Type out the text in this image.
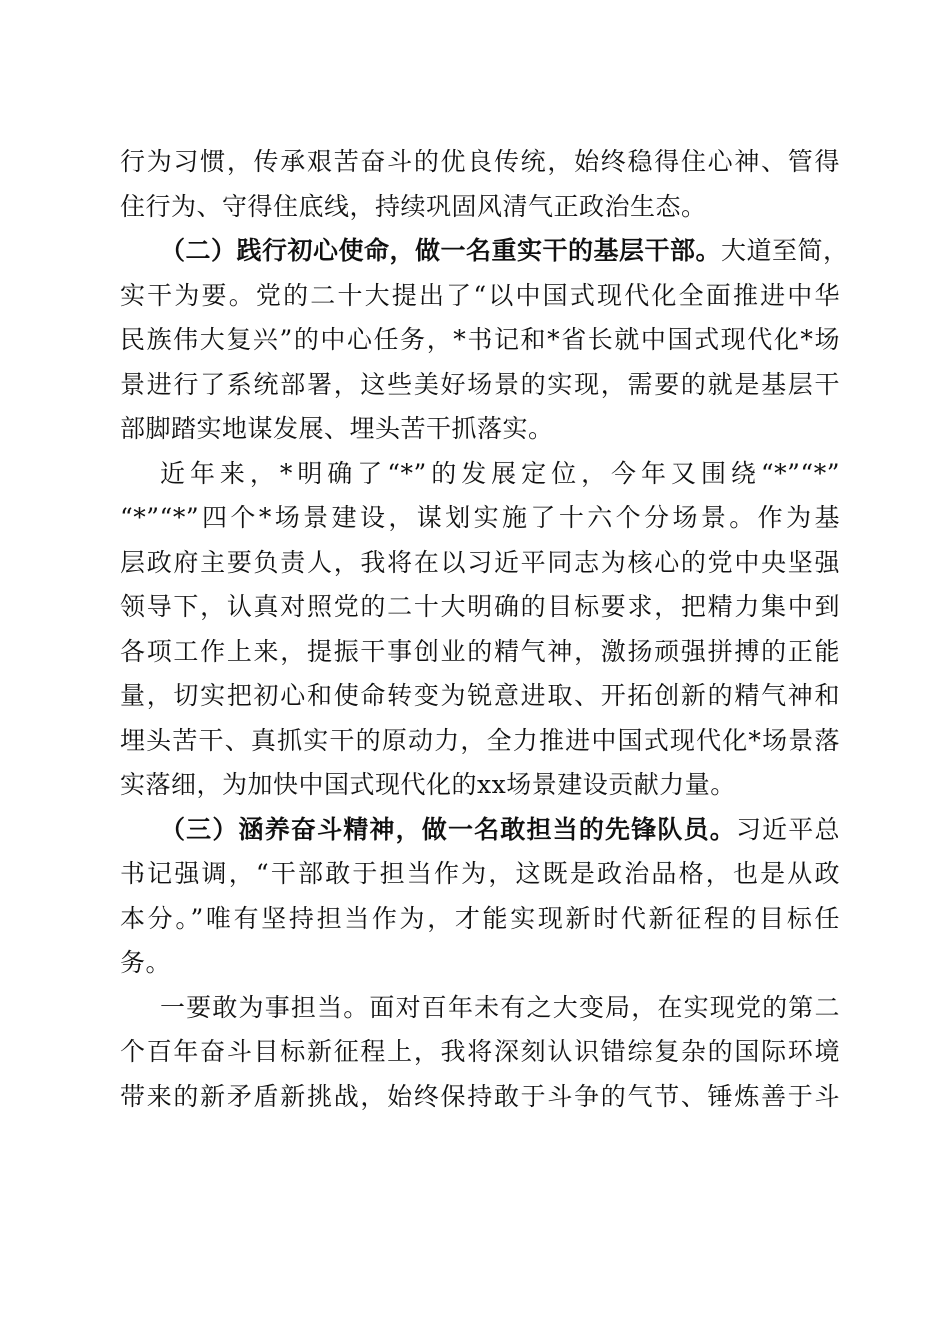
行为习惯，传承艰苦奋斗的优良传统，始终稳得住心神、管得
住行为、守得住底线，持续巩固风清气正政治生态。
（二）践行初心使命，做一名重实干的基层干部。大道至简，
实干为要。党的二十大提出了“以中国式现代化全面推进中华
民族伟大复兴”的中心任务，*书记和*省长就中国式现代化*场
景进行了系统部署，这些美好场景的实现，需要的就是基层干
部脚踏实地谋发展、埋头苦干抓落实。
近年来，*明确了“*”的发展定位，今年又围绕“*”“*”
“*”“*”四个*场景建设，谋划实施了十六个分场景。作为基
层政府主要负责人，我将在以习近平同志为核心的党中央坚强
领导下，认真对照党的二十大明确的目标要求，把精力集中到
各项工作上来，提振干事创业的精气神，激扬顽强拼搏的正能
量，切实把初心和使命转变为锐意进取、开拓创新的精气神和
埋头苦干、真抓实干的原动力，全力推进中国式现代化*场景落
实落细，为加快中国式现代化的xx场景建设贡献力量。
（三）涵养奋斗精神，做一名敢担当的先锋队员。习近平总
书记强调，“干部敢于担当作为，这既是政治品格，也是从政
本分。”唯有坚持担当作为，才能实现新时代新征程的目标任
务。
一要敢为事担当。面对百年未有之大变局，在实现党的第二
个百年奋斗目标新征程上，我将深刻认识错综复杂的国际环境
带来的新矛盾新挑战，始终保持敢于斗争的气节、锤炼善于斗
